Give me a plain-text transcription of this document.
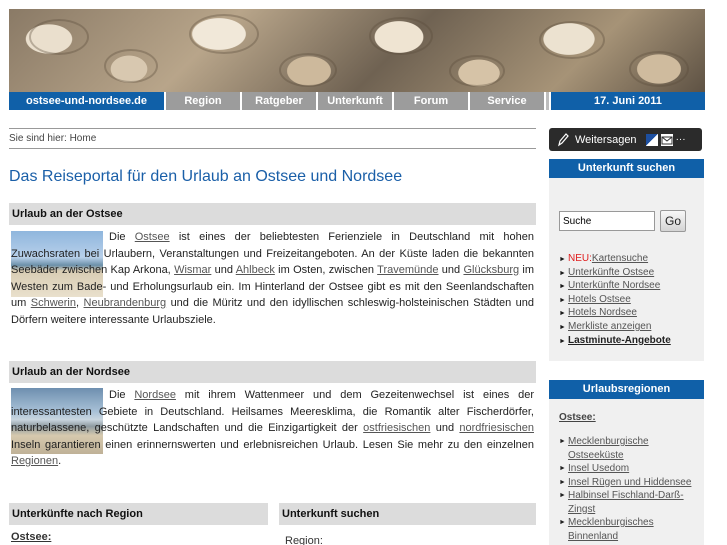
ostsee-und-nordsee.de	Region	Ratgeber	Unterkunft	Forum	Service	17. Juni 2011
Sie sind hier: Home
Das Reiseportal für den Urlaub an Ostsee und Nordsee
Urlaub an der Ostsee

Die Ostsee ist eines der beliebtesten Ferienziele in Deutschland mit hohen Zuwachsraten bei Urlaubern, Veranstaltungen und Freizeitangeboten. An der Küste laden die bekannten Seebäder zwischen Kap Arkona, Wismar und Ahlbeck im Osten, zwischen Travemünde und Glücksburg im Westen zum Bade- und Erholungsurlaub ein. Im Hinterland der Ostsee gibt es mit den Seenlandschaften um Schwerin, Neubrandenburg und die Müritz und den idyllischen schleswig-holsteinischen Städten und Dörfern weitere interessante Urlaubsziele.

Urlaub an der Nordsee

Die Nordsee mit ihrem Wattenmeer und dem Gezeitenwechsel ist eines der interessantesten Gebiete in Deutschland. Heilsames Meeresklima, die Romantik alter Fischerdörfer, naturbelassene, geschützte Landschaften und die Einzigartigkeit der ostfriesischen und nordfriesischen Inseln garantieren einen erinnernswerten und erlebnisreichen Urlaub. Lesen Sie mehr zu den einzelnen Regionen.

Unterkünfte nach Region
Ostsee:
Unterkunft suchen
Region:
Weitersagen	···
Unterkunft suchen
Suche
Go
► NEU:Kartensuche
► Unterkünfte Ostsee
► Unterkünfte Nordsee
► Hotels Ostsee
► Hotels Nordsee
► Merkliste anzeigen
► Lastminute-Angebote
Urlaubsregionen
Ostsee:
► Mecklenburgische Ostseeküste
► Insel Usedom
► Insel Rügen und Hiddensee
► Halbinsel Fischland-Darß-Zingst
► Mecklenburgisches Binnenland
